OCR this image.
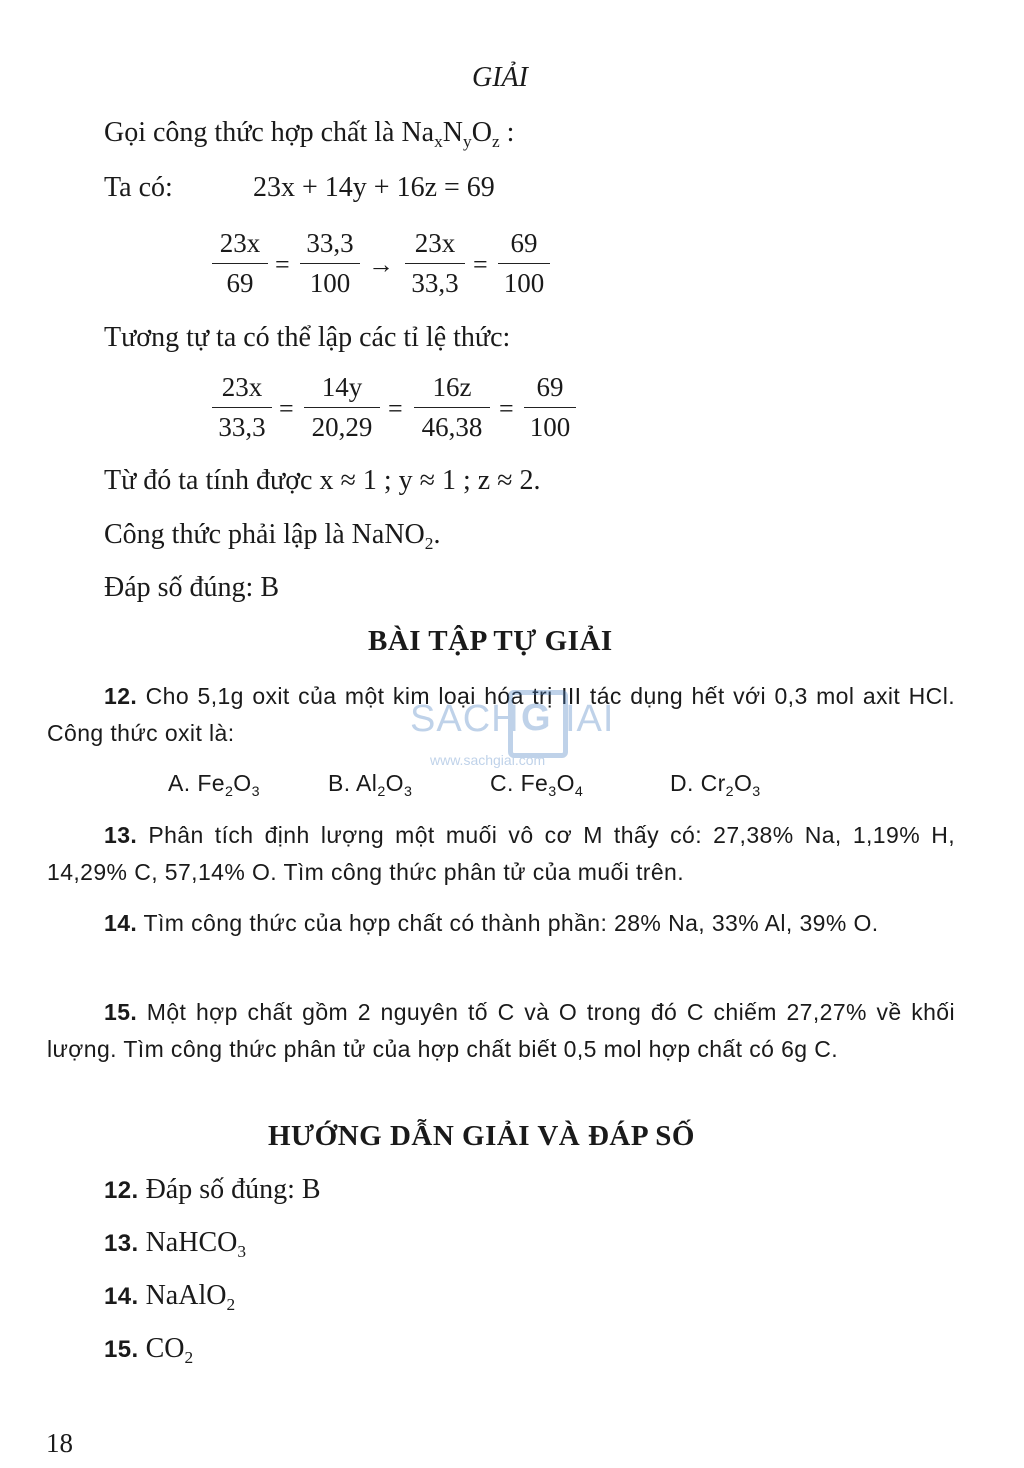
GIẢI
Gọi công thức hợp chất là $Na_xN_yO_z$ :
Ta có:	23x + 14y + 16z = 69
$\frac{23x}{69} = \frac{33,3}{100} \to \frac{23x}{33,3} = \frac{69}{100}$
Tương tự ta có thể lập các tỉ lệ thức:
$\frac{23x}{33,3} = \frac{14y}{20,29} = \frac{16z}{46,38} = \frac{69}{100}$
Từ đó ta tính được x ≈ 1 ; y ≈ 1 ; z ≈ 2.
Công thức phải lập là NaNO$_2$.
Đáp số đúng: B
BÀI TẬP TỰ GIẢI
12. Cho 5,1g oxit của một kim loại hóa trị III tác dụng hết với 0,3 mol axit HCl. Công thức oxit là:
A. $Fe_2O_3$	B. $Al_2O_3$	C. $Fe_3O_4$	D. $Cr_2O_3$
13. Phân tích định lượng một muối vô cơ M thấy có: 27,38% Na, 1,19% H, 14,29% C, 57,14% O. Tìm công thức phân tử của muối trên.
14. Tìm công thức của hợp chất có thành phần: 28% Na, 33% Al, 39% O.
15. Một hợp chất gồm 2 nguyên tố C và O trong đó C chiếm 27,27% về khối lượng. Tìm công thức phân tử của hợp chất biết 0,5 mol hợp chất có 6g C.
HƯỚNG DẪN GIẢI VÀ ĐÁP SỐ
12. Đáp số đúng: B
13. NaHCO$_3$
14. NaAlO$_2$
15. $CO_2$
SACH G IAI
www.sachgiai.com
18
